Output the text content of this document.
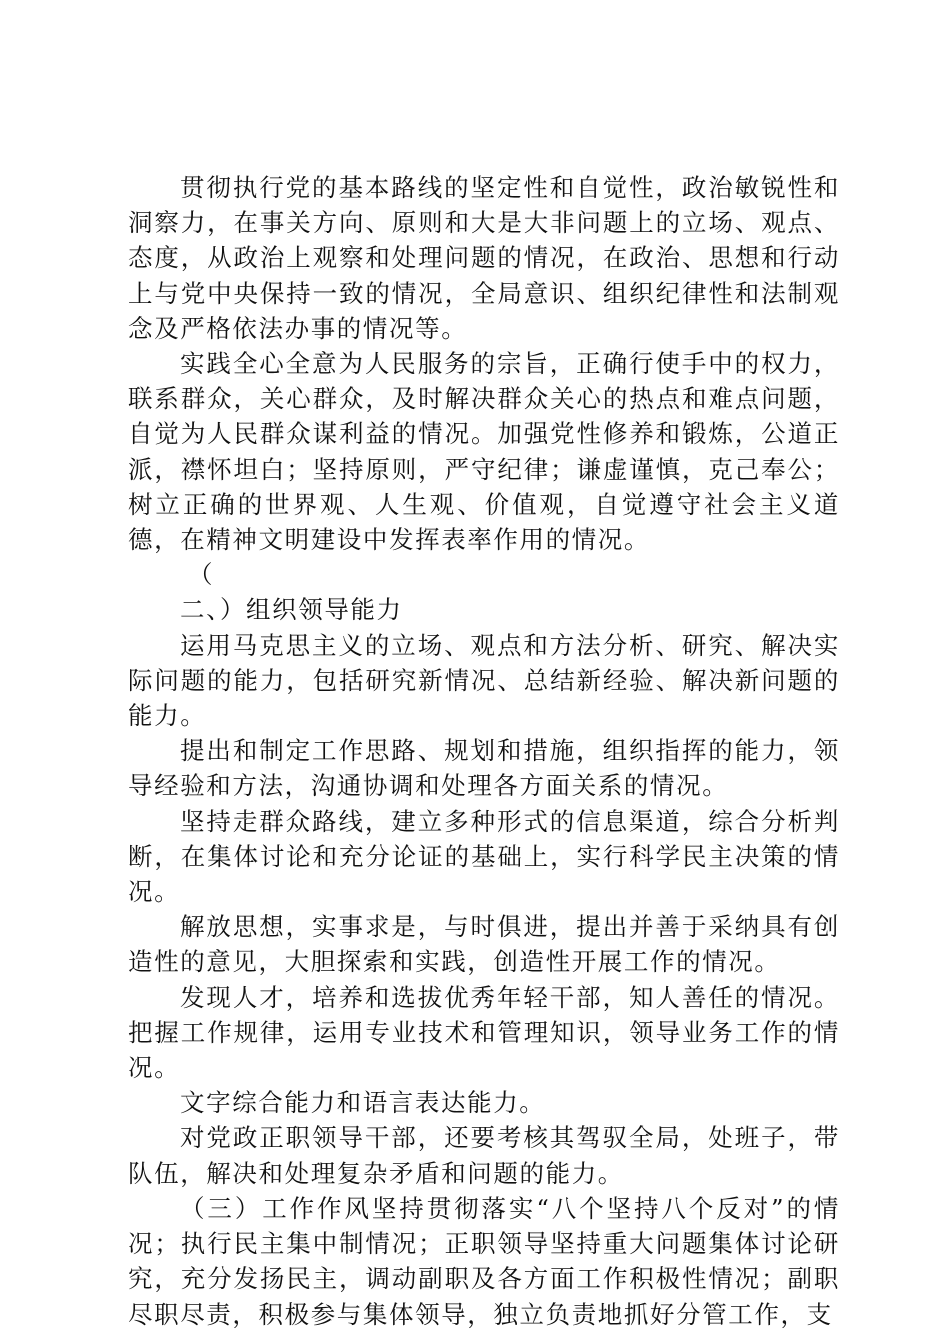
贯彻执行党的基本路线的坚定性和自觉性，政治敏锐性和洞察力，在事关方向、原则和大是大非问题上的立场、观点、态度，从政治上观察和处理问题的情况，在政治、思想和行动上与党中央保持一致的情况，全局意识、组织纪律性和法制观念及严格依法办事的情况等。

实践全心全意为人民服务的宗旨，正确行使手中的权力，联系群众，关心群众，及时解决群众关心的热点和难点问题，自觉为人民群众谋利益的情况。加强党性修养和锻炼，公道正派，襟怀坦白；坚持原则，严守纪律；谦虚谨慎，克己奉公；树立正确的世界观、人生观、价值观，自觉遵守社会主义道德，在精神文明建设中发挥表率作用的情况。

（

二、）组织领导能力

运用马克思主义的立场、观点和方法分析、研究、解决实际问题的能力，包括研究新情况、总结新经验、解决新问题的能力。

提出和制定工作思路、规划和措施，组织指挥的能力，领导经验和方法，沟通协调和处理各方面关系的情况。

坚持走群众路线，建立多种形式的信息渠道，综合分析判断，在集体讨论和充分论证的基础上，实行科学民主决策的情况。

解放思想，实事求是，与时俱进，提出并善于采纳具有创造性的意见，大胆探索和实践，创造性开展工作的情况。

发现人才，培养和选拔优秀年轻干部，知人善任的情况。把握工作规律，运用专业技术和管理知识，领导业务工作的情况。

文字综合能力和语言表达能力。

对党政正职领导干部，还要考核其驾驭全局，处班子，带队伍，解决和处理复杂矛盾和问题的能力。

（三）工作作风坚持贯彻落实“八个坚持八个反对”的情况；执行民主集中制情况；正职领导坚持重大问题集体讨论研究，充分发扬民主，调动副职及各方面工作积极性情况；副职尽职尽责，积极参与集体领导，独立负责地抓好分管工作，支
